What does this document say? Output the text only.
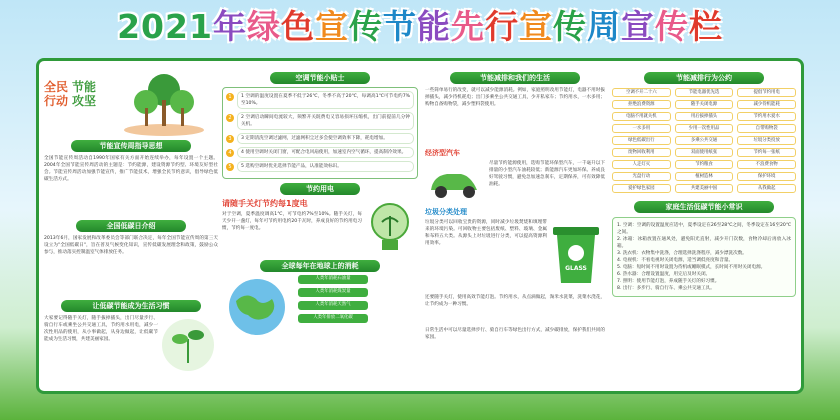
2021年绿色宣传节能先行宣传周宣传栏
全民
行动
节能
攻坚
节能宣传周指导思想
全国节能宣传周活动自1990年国家有关方面开始连续举办，每年设置一个主题。2004年全国节能宣传周活动的主题是：节约能源，建设资源节约型、环境友好型社会。节能宣传周活动加强节能宣传，推广节能技术，增强全民节约意识，倡导绿色低碳生活方式。
全国低碳日介绍
2013年6月，国家发展和改革委员会等部门联合决定，每年全国节能宣传周的第三天设立为"全国低碳日"，旨在普及气候变化知识，宣传低碳发展理念和政策，鼓励公众参与，推动落实控制温室气体排放任务。
让低碳节能成为生活习惯
大家要记得随手关灯，随手拔掉插头，出门尽量步行、骑自行车或乘坐公共交通工具，节约用水用电，减少一次性用品的使用，从小事做起，从身边做起，让低碳节能成为生活习惯，共建美丽家园。
空调节能小贴士
1	1 空调的温度设置在夏季不低于26℃，冬季不高于20℃，每调高1℃可节电约7%至10%。
2	2 空调启动瞬间电流较大，频繁开关既费电又容易损坏压缩机，出门前提前几分钟关机。
3	3 定期清洗空调过滤网，过滤网积尘过多会使空调效率下降，耗电增加。
4	4 使用空调时关闭门窗，可配合电风扇使用，加速室内空气循环，提高制冷效果。
5	5 选购空调时优先选择节能产品，认准能效标识。
节约用电
请随手关灯节约每1度电
对于空调，夏季温度调高1℃，可节电约7%至10%。随手关灯，每天少开一盏灯，每年可节约用电约20千瓦时，养成良好的节约用电习惯，节约每一度电。
全球每年在地球上的消耗
人类年消耗石油量
人类年消耗煤炭量
人类年消耗天然气
人类年排放二氧化碳
节能减排和我们的生活
一些简单易行的改变，就可以减少能源消耗。例如，家庭照明改用节能灯，电器不用时拔掉插头，减少待机耗电；出门多乘坐公共交通工具，少开私家车；节约用水，一水多用；购物自备购物袋，减少塑料袋使用。
经济型汽车
尽量节约能源使用，选购节能环保型汽车，一千毫升以下排量的小型汽车油耗较低；新能源汽车更加环保。养成良好驾驶习惯，避免急加速急刹车，定期保养，可有效降低油耗。
垃圾分类处理
垃圾分类可以回收宝贵的资源，同时减少垃圾焚烧和填埋带来的环境污染。可回收物主要包括废纸、塑料、玻璃、金属和布料五大类。从源头上对垃圾进行分类，可以提高资源利用效率。
GLASS
还要随手关灯，使用高效节能灯泡。节约用水，从点滴做起，淘米水洗菜，洗菜水浇花，让节约成为一种习惯。
日常生活中可以尽量选择步行、骑自行车等绿色出行方式，减少碳排放，保护我们共同的家园。
节能减排行为公约
空调不开二十六	节能电器优先选	提倡节约用电
拒绝浪费资源	随手关闭电源	减少待机能耗
电脑不用就关机	用后拔掉插头	节约用水爱水
一水多用	少用一次性用品	自带购物袋
绿色低碳出行	多乘公共交通	垃圾分类投放
废物回收利用	双面使用纸张	节约每一张纸
人走灯灭	节约粮食	不浪费食物
光盘行动	植树造林	保护环境
爱护绿色家园	共建美丽中国	从我做起
家庭生活低碳节能小常识
1. 空调：空调的设置温度应适中，夏季设定在26至28℃之间，冬季设定在16至20℃之间。
2. 冰箱：冰箱放置在通风处，避免阳光直射，减少开门次数，食物冷却后再放入冰箱。
3. 洗衣机：衣物集中洗涤，合理选择洗涤程序，减少漂洗次数。
4. 电视机：不看电视时关闭电源，适当调低亮度和音量。
5. 电脑：短时间不用时设置为待机或睡眠模式，长时间不用时关闭电源。
6. 热水器：合理设置温度，用完后及时关闭。
7. 照明：使用节能灯泡，养成随手关灯的好习惯。
8. 出行：多步行、骑自行车、乘公共交通工具。
